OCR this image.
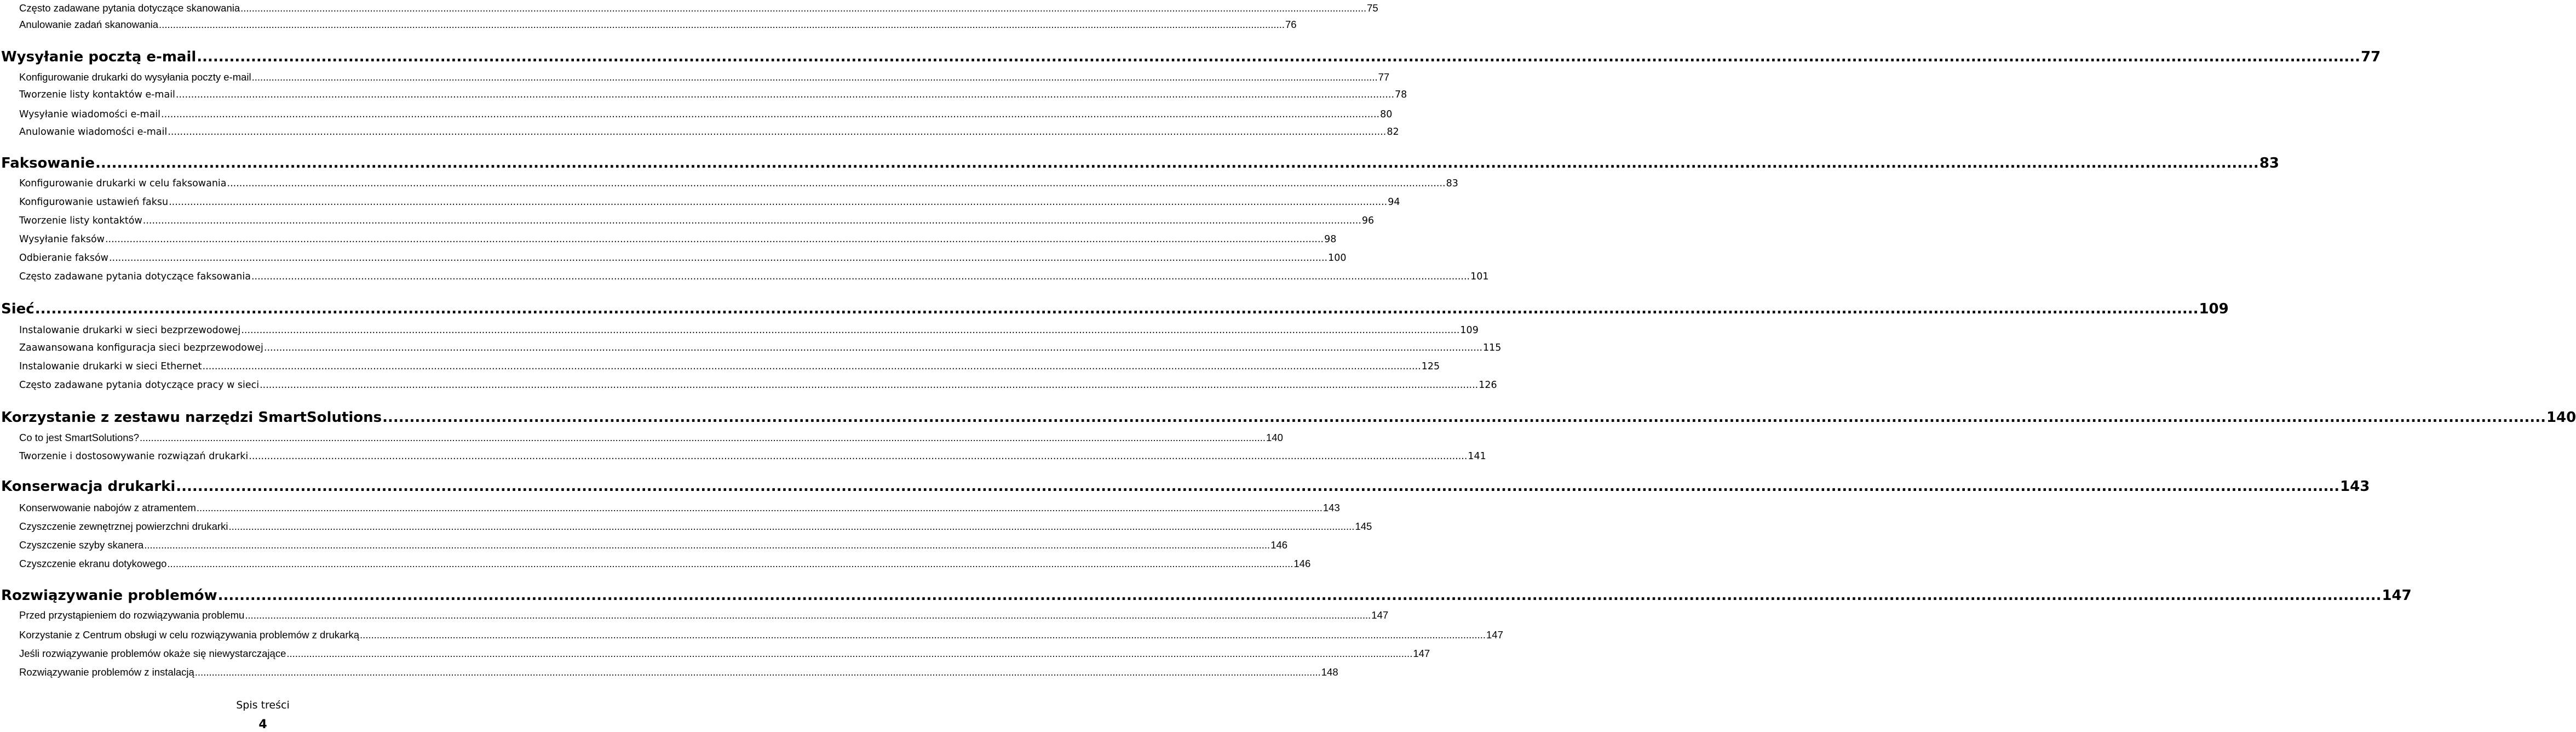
Często zadawane pytania dotyczące skanowania ................................................................................................................................................................................................................................................................................................................................................................................................................ 75
Anulowanie zadań skanowania ................................................................................................................................................................................................................................................................................................................................................................................................................ 76
Wysyłanie pocztą e-mail ................................................................................................................................................................................................................................................................................................................................................................................................................ 77
Konfigurowanie drukarki do wysyłania poczty e-mail ................................................................................................................................................................................................................................................................................................................................................................................................................ 77
Tworzenie listy kontaktów e-mail ................................................................................................................................................................................................................................................................................................................................................................................................................ 78
Wysyłanie wiadomości e-mail ................................................................................................................................................................................................................................................................................................................................................................................................................ 80
Anulowanie wiadomości e-mail ................................................................................................................................................................................................................................................................................................................................................................................................................ 82
Faksowanie ................................................................................................................................................................................................................................................................................................................................................................................................................ 83
Konfigurowanie drukarki w celu faksowania ................................................................................................................................................................................................................................................................................................................................................................................................................ 83
Konfigurowanie ustawień faksu ................................................................................................................................................................................................................................................................................................................................................................................................................ 94
Tworzenie listy kontaktów ................................................................................................................................................................................................................................................................................................................................................................................................................ 96
Wysyłanie faksów ................................................................................................................................................................................................................................................................................................................................................................................................................ 98
Odbieranie faksów ................................................................................................................................................................................................................................................................................................................................................................................................................ 100
Często zadawane pytania dotyczące faksowania ................................................................................................................................................................................................................................................................................................................................................................................................................ 101
Sieć ................................................................................................................................................................................................................................................................................................................................................................................................................ 109
Instalowanie drukarki w sieci bezprzewodowej ................................................................................................................................................................................................................................................................................................................................................................................................................ 109
Zaawansowana konfiguracja sieci bezprzewodowej ................................................................................................................................................................................................................................................................................................................................................................................................................ 115
Instalowanie drukarki w sieci Ethernet ................................................................................................................................................................................................................................................................................................................................................................................................................ 125
Często zadawane pytania dotyczące pracy w sieci ................................................................................................................................................................................................................................................................................................................................................................................................................ 126
Korzystanie z zestawu narzędzi SmartSolutions ................................................................................................................................................................................................................................................................................................................................................................................................................ 140
Co to jest SmartSolutions? ................................................................................................................................................................................................................................................................................................................................................................................................................ 140
Tworzenie i dostosowywanie rozwiązań drukarki ................................................................................................................................................................................................................................................................................................................................................................................................................ 141
Konserwacja drukarki ................................................................................................................................................................................................................................................................................................................................................................................................................ 143
Konserwowanie nabojów z atramentem ................................................................................................................................................................................................................................................................................................................................................................................................................ 143
Czyszczenie zewnętrznej powierzchni drukarki ................................................................................................................................................................................................................................................................................................................................................................................................................ 145
Czyszczenie szyby skanera ................................................................................................................................................................................................................................................................................................................................................................................................................ 146
Czyszczenie ekranu dotykowego ................................................................................................................................................................................................................................................................................................................................................................................................................ 146
Rozwiązywanie problemów ................................................................................................................................................................................................................................................................................................................................................................................................................ 147
Przed przystąpieniem do rozwiązywania problemu ................................................................................................................................................................................................................................................................................................................................................................................................................ 147
Korzystanie z Centrum obsługi w celu rozwiązywania problemów z drukarką ................................................................................................................................................................................................................................................................................................................................................................................................................ 147
Jeśli rozwiązywanie problemów okaże się niewystarczające ................................................................................................................................................................................................................................................................................................................................................................................................................ 147
Rozwiązywanie problemów z instalacją ................................................................................................................................................................................................................................................................................................................................................................................................................ 148
Spis treści
4
